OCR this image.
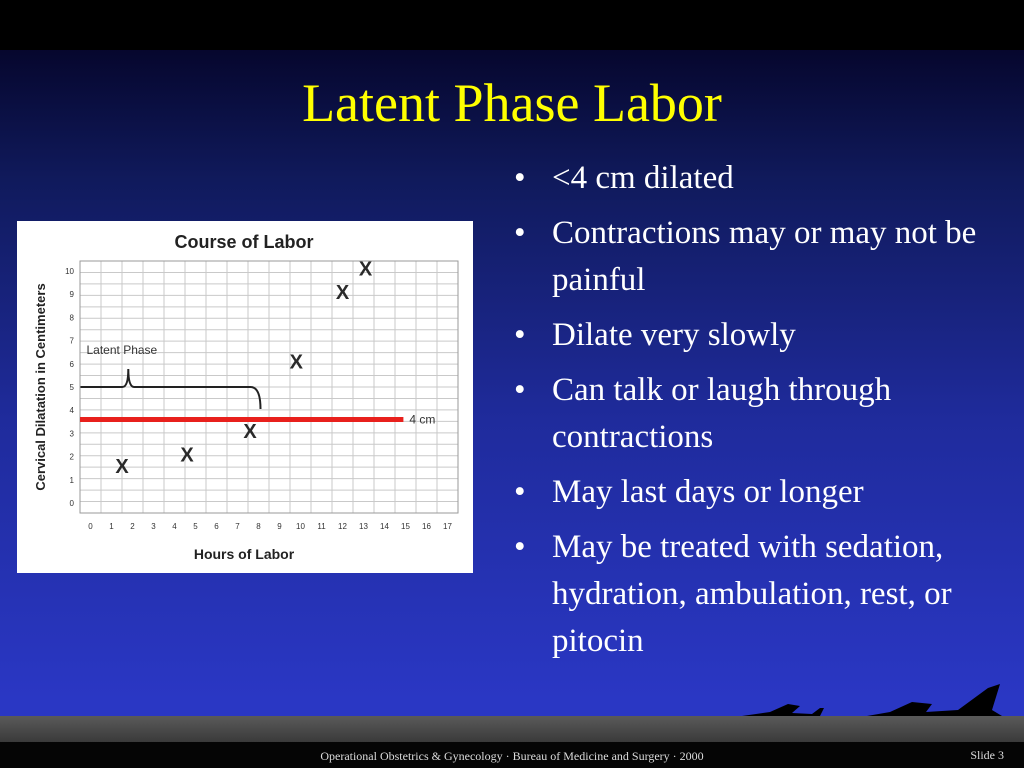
Latent Phase Labor
• <4 cm dilated
• Contractions may or may not be painful
• Dilate very slowly
• Can talk or laugh through contractions
• May last days or longer
• May be treated with sedation, hydration, ambulation, rest, or pitocin
Course of Labor
Hours of Labor
Cervical Dilatation in Centimeters
0 1 2 3 4 5 6 7 8 9 10 11 12 13 14 15 16 17
0
1
2
3
4
5
6
7
8
9
10
4 cm
Latent Phase
X
X
X
X
X
X
Operational Obstetrics & Gynecology · Bureau of Medicine and Surgery · 2000	Slide 3
